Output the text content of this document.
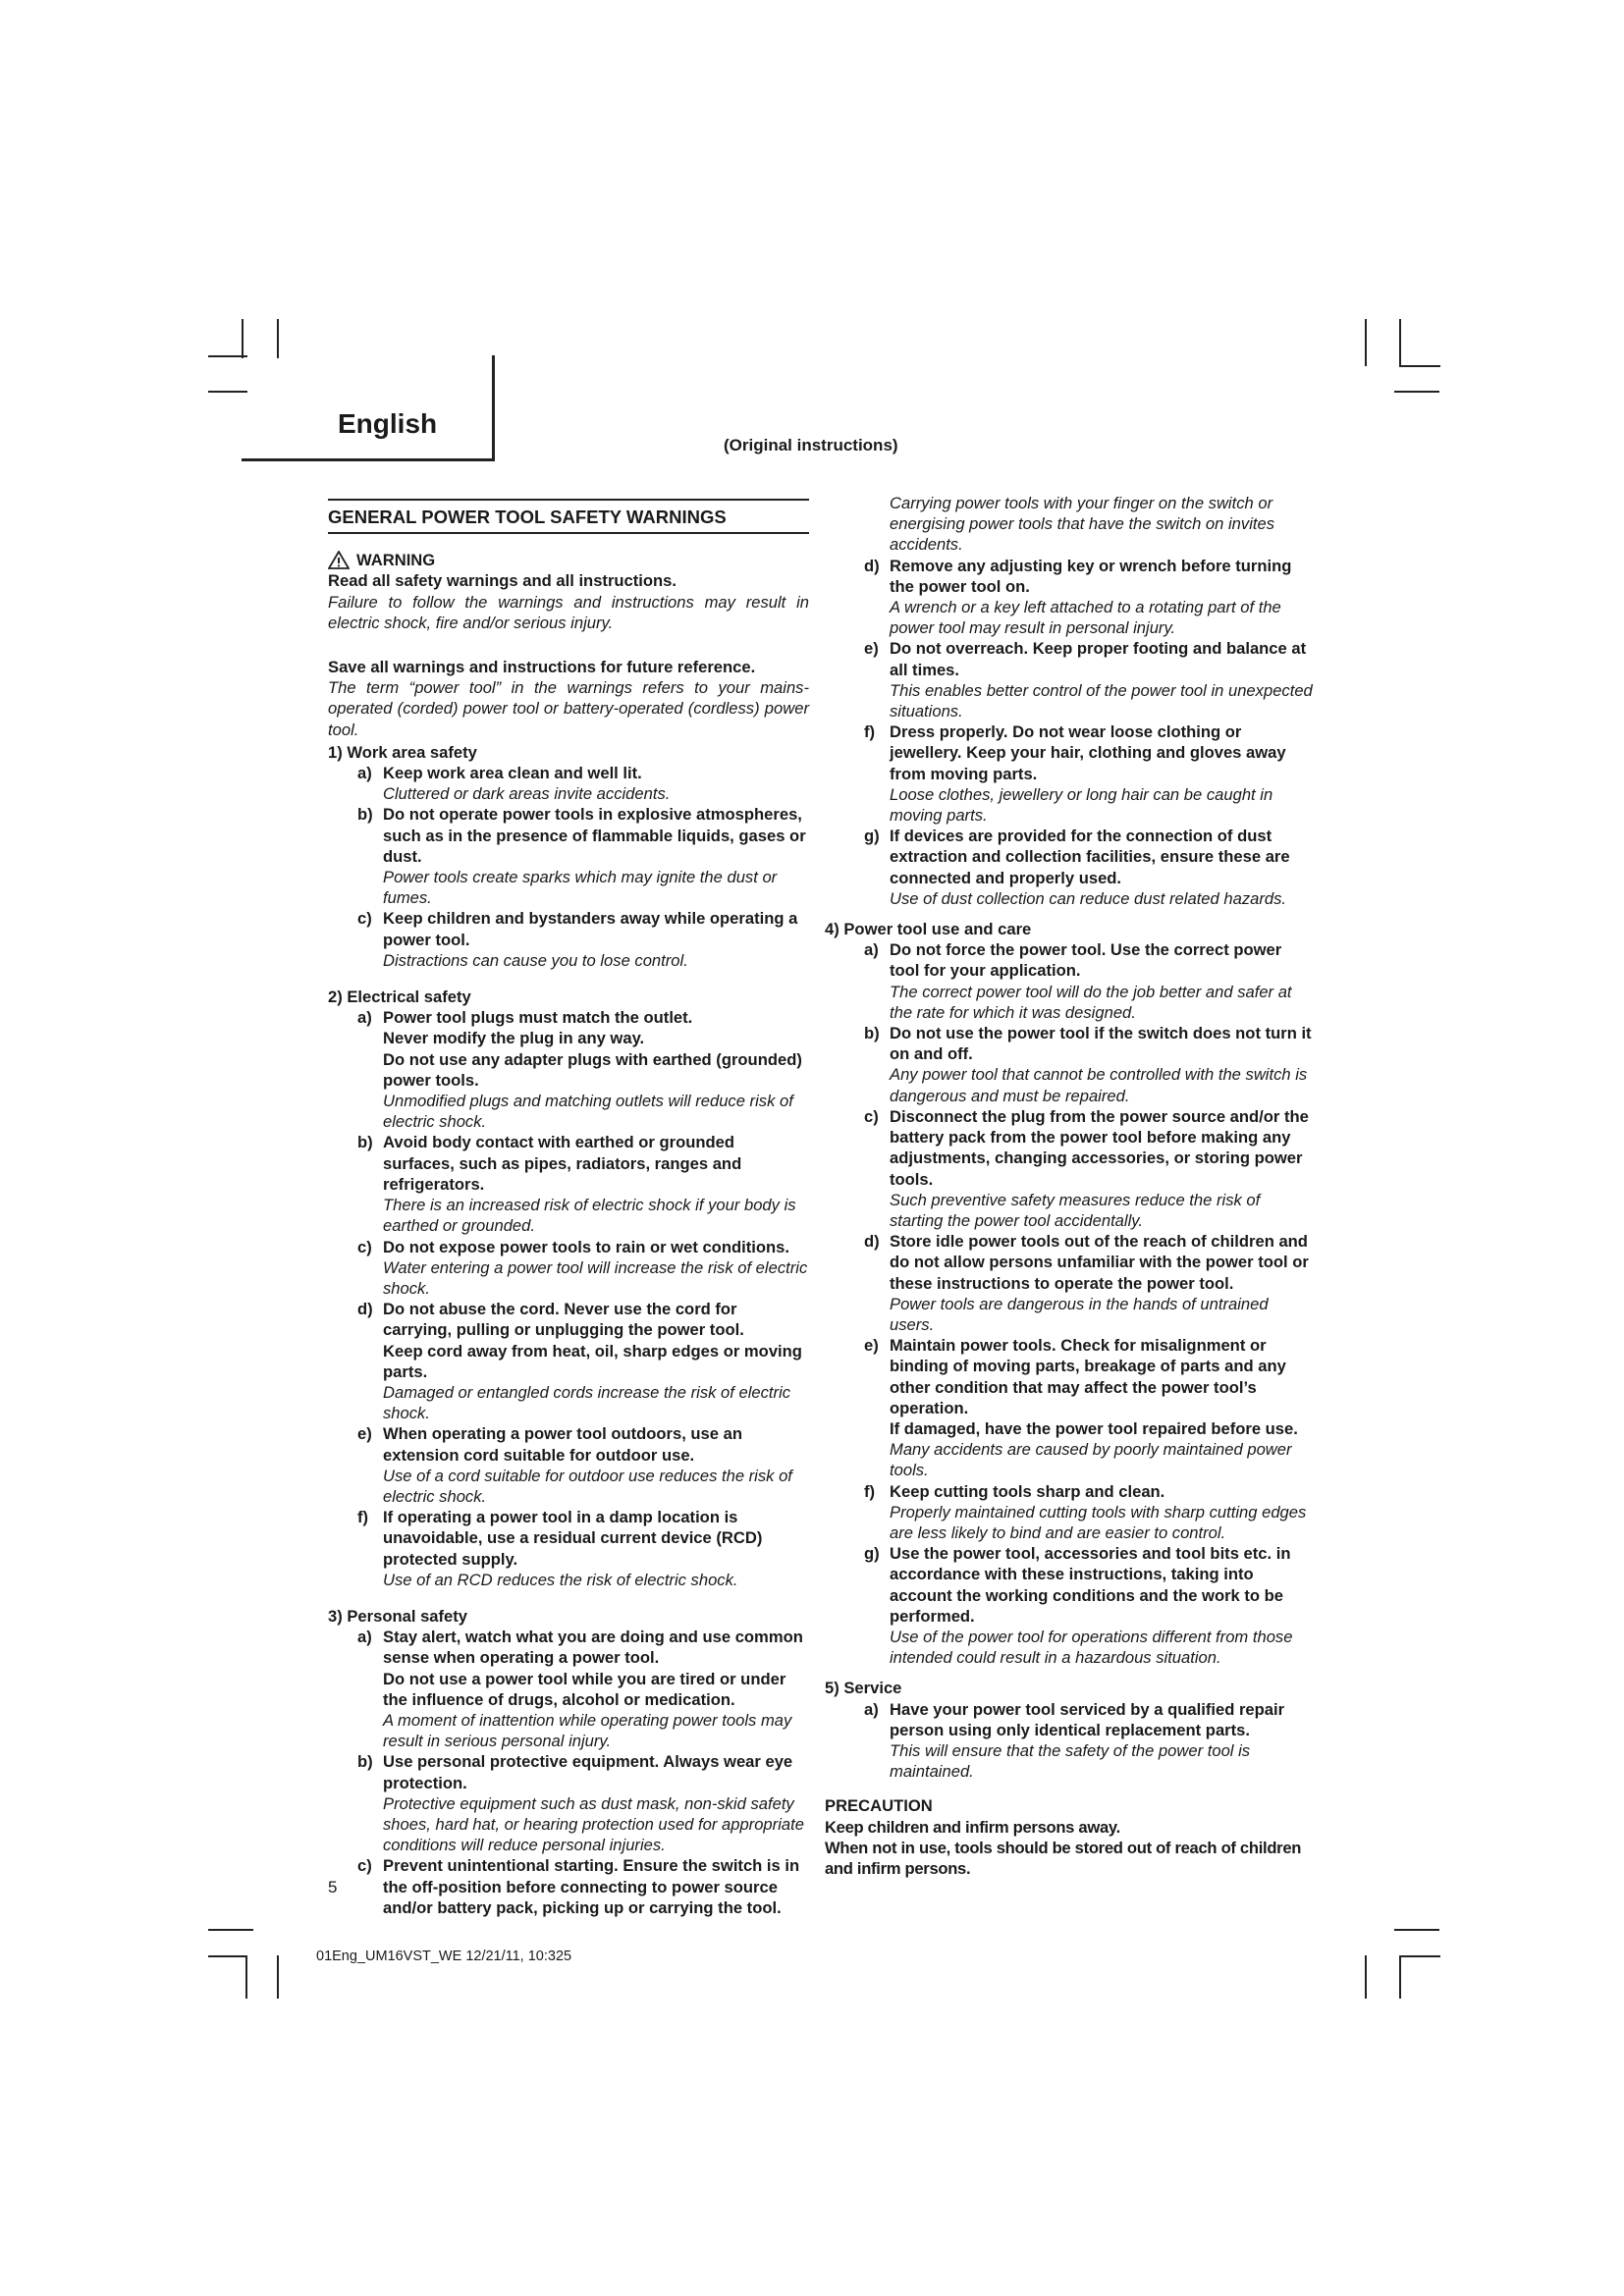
English
(Original instructions)
GENERAL POWER TOOL SAFETY WARNINGS
WARNING
Read all safety warnings and all instructions.
Failure to follow the warnings and instructions may result in electric shock, fire and/or serious injury.
Save all warnings and instructions for future reference.
The term “power tool” in the warnings refers to your mains-operated (corded) power tool or battery-operated (cordless) power tool.
1) Work area safety
a) Keep work area clean and well lit.
Cluttered or dark areas invite accidents.
b) Do not operate power tools in explosive atmospheres, such as in the presence of flammable liquids, gases or dust.
Power tools create sparks which may ignite the dust or fumes.
c) Keep children and bystanders away while operating a power tool.
Distractions can cause you to lose control.
2) Electrical safety
a) Power tool plugs must match the outlet.
Never modify the plug in any way.
Do not use any adapter plugs with earthed (grounded) power tools.
Unmodified plugs and matching outlets will reduce risk of electric shock.
b) Avoid body contact with earthed or grounded surfaces, such as pipes, radiators, ranges and refrigerators.
There is an increased risk of electric shock if your body is earthed or grounded.
c) Do not expose power tools to rain or wet conditions.
Water entering a power tool will increase the risk of electric shock.
d) Do not abuse the cord. Never use the cord for carrying, pulling or unplugging the power tool.
Keep cord away from heat, oil, sharp edges or moving parts.
Damaged or entangled cords increase the risk of electric shock.
e) When operating a power tool outdoors, use an extension cord suitable for outdoor use.
Use of a cord suitable for outdoor use reduces the risk of electric shock.
f) If operating a power tool in a damp location is unavoidable, use a residual current device (RCD) protected supply.
Use of an RCD reduces the risk of electric shock.
3) Personal safety
a) Stay alert, watch what you are doing and use common sense when operating a power tool.
Do not use a power tool while you are tired or under the influence of drugs, alcohol or medication.
A moment of inattention while operating power tools may result in serious personal injury.
b) Use personal protective equipment. Always wear eye protection.
Protective equipment such as dust mask, non-skid safety shoes, hard hat, or hearing protection used for appropriate conditions will reduce personal injuries.
c) Prevent unintentional starting. Ensure the switch is in the off-position before connecting to power source and/or battery pack, picking up or carrying the tool.
Carrying power tools with your finger on the switch or energising power tools that have the switch on invites accidents.
d) Remove any adjusting key or wrench before turning the power tool on.
A wrench or a key left attached to a rotating part of the power tool may result in personal injury.
e) Do not overreach. Keep proper footing and balance at all times.
This enables better control of the power tool in unexpected situations.
f) Dress properly. Do not wear loose clothing or jewellery. Keep your hair, clothing and gloves away from moving parts.
Loose clothes, jewellery or long hair can be caught in moving parts.
g) If devices are provided for the connection of dust extraction and collection facilities, ensure these are connected and properly used.
Use of dust collection can reduce dust related hazards.
4) Power tool use and care
a) Do not force the power tool. Use the correct power tool for your application.
The correct power tool will do the job better and safer at the rate for which it was designed.
b) Do not use the power tool if the switch does not turn it on and off.
Any power tool that cannot be controlled with the switch is dangerous and must be repaired.
c) Disconnect the plug from the power source and/or the battery pack from the power tool before making any adjustments, changing accessories, or storing power tools.
Such preventive safety measures reduce the risk of starting the power tool accidentally.
d) Store idle power tools out of the reach of children and do not allow persons unfamiliar with the power tool or these instructions to operate the power tool.
Power tools are dangerous in the hands of untrained users.
e) Maintain power tools. Check for misalignment or binding of moving parts, breakage of parts and any other condition that may affect the power tool’s operation.
If damaged, have the power tool repaired before use.
Many accidents are caused by poorly maintained power tools.
f) Keep cutting tools sharp and clean.
Properly maintained cutting tools with sharp cutting edges are less likely to bind and are easier to control.
g) Use the power tool, accessories and tool bits etc. in accordance with these instructions, taking into account the working conditions and the work to be performed.
Use of the power tool for operations different from those intended could result in a hazardous situation.
5) Service
a) Have your power tool serviced by a qualified repair person using only identical replacement parts.
This will ensure that the safety of the power tool is maintained.
PRECAUTION
Keep children and infirm persons away.
When not in use, tools should be stored out of reach of children and infirm persons.
5
01Eng_UM16VST_WE 12/21/11, 10:325
